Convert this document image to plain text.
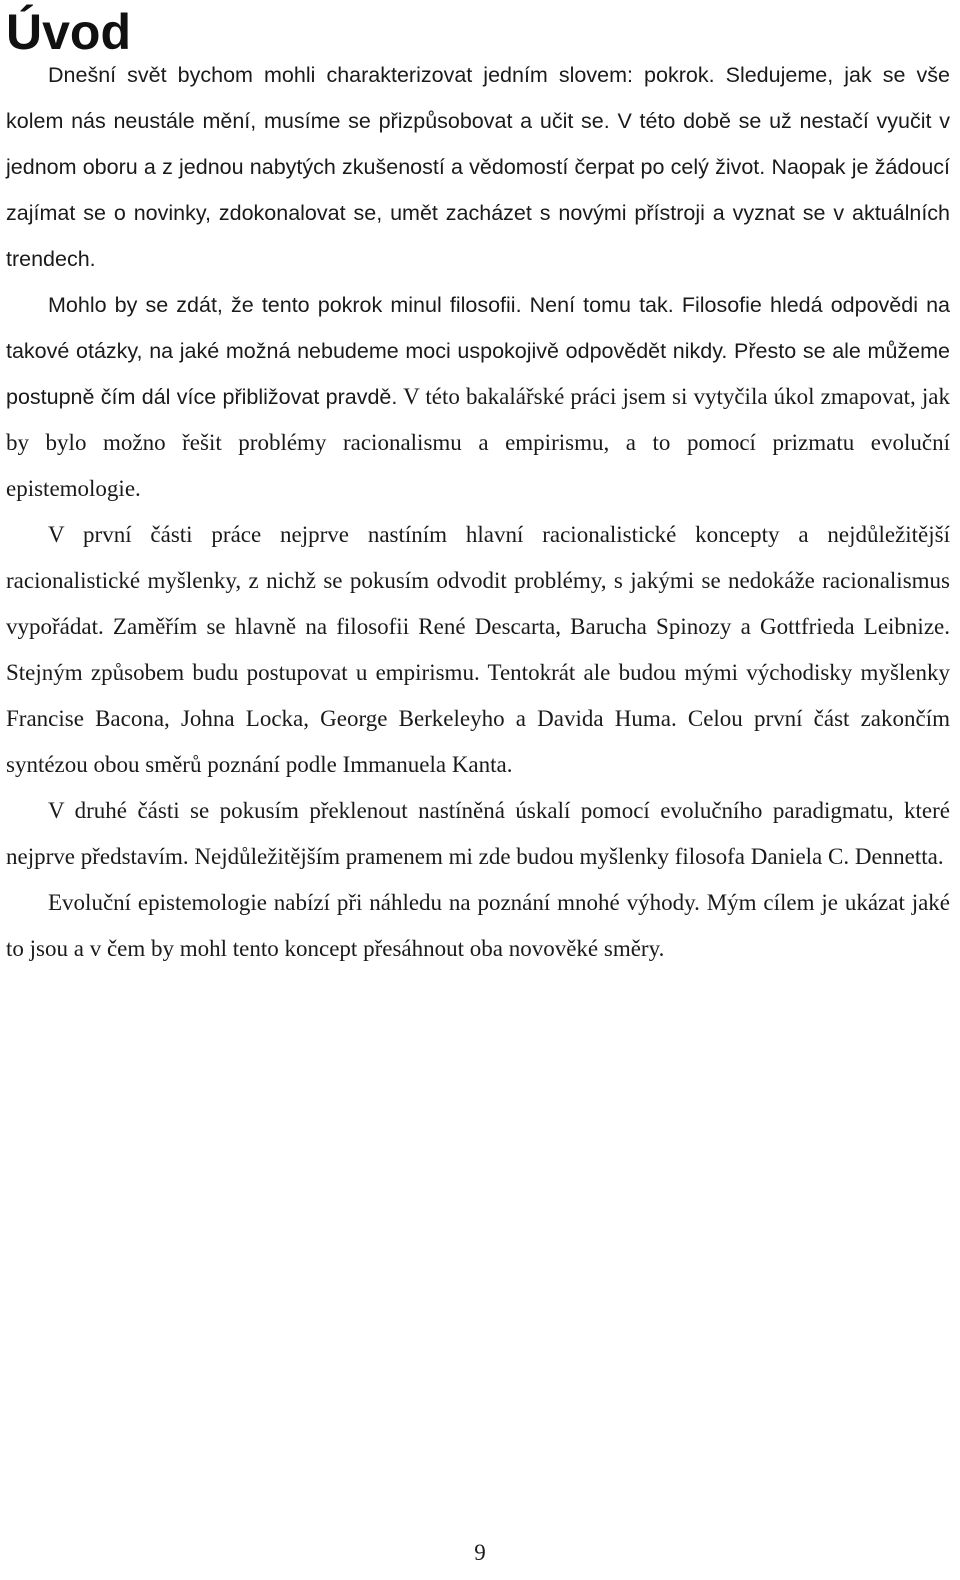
Úvod

Dnešní svět bychom mohli charakterizovat jedním slovem: pokrok. Sledujeme, jak se vše kolem nás neustále mění, musíme se přizpůsobovat a učit se. V této době se už nestačí vyučit v jednom oboru a z jednou nabytých zkušeností a vědomostí čerpat po celý život. Naopak je žádoucí zajímat se o novinky, zdokonalovat se, umět zacházet s novými přístroji a vyznat se v aktuálních trendech.

Mohlo by se zdát, že tento pokrok minul filosofii. Není tomu tak. Filosofie hledá odpovědi na takové otázky, na jaké možná nebudeme moci uspokojivě odpovědět nikdy. Přesto se ale můžeme postupně čím dál více přibližovat pravdě. V této bakalářské práci jsem si vytyčila úkol zmapovat, jak by bylo možno řešit problémy racionalismu a empirismu, a to pomocí prizmatu evoluční epistemologie.

V první části práce nejprve nastíním hlavní racionalistické koncepty a nejdůležitější racionalistické myšlenky, z nichž se pokusím odvodit problémy, s jakými se nedokáže racionalismus vypořádat. Zaměřím se hlavně na filosofii René Descarta, Barucha Spinozy a Gottfrieda Leibnize. Stejným způsobem budu postupovat u empirismu. Tentokrát ale budou mými východisky myšlenky Francise Bacona, Johna Locka, George Berkeleyho a Davida Huma. Celou první část zakončím syntézou obou směrů poznání podle Immanuela Kanta.

V druhé části se pokusím překlenout nastíněná úskalí pomocí evolučního paradigmatu, které nejprve představím. Nejdůležitějším pramenem mi zde budou myšlenky filosofa Daniela C. Dennetta.

Evoluční epistemologie nabízí při náhledu na poznání mnohé výhody. Mým cílem je ukázat jaké to jsou a v čem by mohl tento koncept přesáhnout oba novověké směry.

9
